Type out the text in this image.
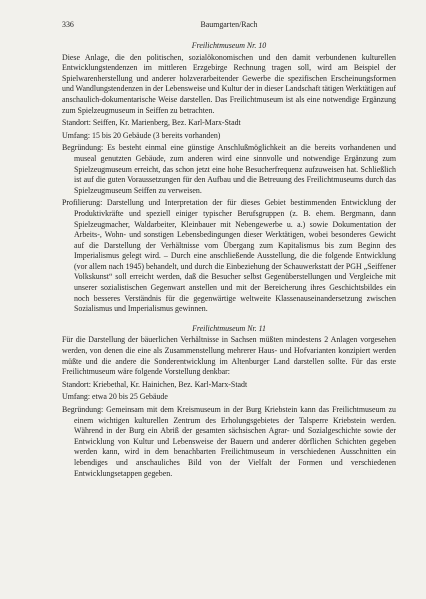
336	Baumgarten/Rach
Freilichtmuseum Nr. 10

Diese Anlage, die den politischen, sozialökonomischen und den damit verbundenen kulturellen Entwicklungstendenzen im mittleren Erzgebirge Rechnung tragen soll, wird am Beispiel der Spielwarenherstellung und anderer holzverarbeitender Gewerbe die spezifischen Erscheinungsformen und Wandlungstendenzen in der Lebensweise und Kultur der in dieser Landschaft tätigen Werktätigen auf anschaulich-dokumentarische Weise darstellen. Das Freilichtmuseum ist als eine notwendige Ergänzung zum Spielzeugmuseum in Seiffen zu betrachten.

Standort: Seiffen, Kr. Marienberg, Bez. Karl-Marx-Stadt

Umfang: 15 bis 20 Gebäude (3 bereits vorhanden)

Begründung: Es besteht einmal eine günstige Anschlußmöglichkeit an die bereits vorhandenen und museal genutzten Gebäude, zum anderen wird eine sinnvolle und notwendige Ergänzung zum Spielzeugmuseum erreicht, das schon jetzt eine hohe Besucherfrequenz aufzuweisen hat. Schließlich ist auf die guten Voraussetzungen für den Aufbau und die Betreuung des Freilichtmuseums durch das Spielzeugmuseum Seiffen zu verweisen.

Profilierung: Darstellung und Interpretation der für dieses Gebiet bestimmenden Entwicklung der Produktivkräfte und speziell einiger typischer Berufsgruppen (z. B. ehem. Bergmann, dann Spielzeugmacher, Waldarbeiter, Kleinbauer mit Nebengewerbe u. a.) sowie Dokumentation der Arbeits-, Wohn- und sonstigen Lebensbedingungen dieser Werktätigen, wobei besonderes Gewicht auf die Darstellung der Verhältnisse vom Übergang zum Kapitalismus bis zum Beginn des Imperialismus gelegt wird. – Durch eine anschließende Ausstellung, die die folgende Entwicklung (vor allem nach 1945) behandelt, und durch die Einbeziehung der Schauwerkstatt der PGH „Seiffener Volkskunst“ soll erreicht werden, daß die Besucher selbst Gegenüberstellungen und Vergleiche mit unserer sozialistischen Gegenwart anstellen und mit der Bereicherung ihres Geschichtsbildes ein noch besseres Verständnis für die gegenwärtige weltweite Klassenauseinandersetzung zwischen Sozialismus und Imperialismus gewinnen.

Freilichtmuseum Nr. 11

Für die Darstellung der bäuerlichen Verhältnisse in Sachsen müßten mindestens 2 Anlagen vorgesehen werden, von denen die eine als Zusammenstellung mehrerer Haus- und Hofvarianten konzipiert werden müßte und die andere die Sonderentwicklung im Altenburger Land darstellen sollte. Für das erste Freilichtmuseum wäre folgende Vorstellung denkbar:

Standort: Kriebethal, Kr. Hainichen, Bez. Karl-Marx-Stadt

Umfang: etwa 20 bis 25 Gebäude

Begründung: Gemeinsam mit dem Kreismuseum in der Burg Kriebstein kann das Freilichtmuseum zu einem wichtigen kulturellen Zentrum des Erholungsgebietes der Talsperre Kriebstein werden. Während in der Burg ein Abriß der gesamten sächsischen Agrar- und Sozialgeschichte sowie der Entwicklung von Kultur und Lebensweise der Bauern und anderer dörflichen Schichten gegeben werden kann, wird in dem benachbarten Freilichtmuseum in verschiedenen Ausschnitten ein lebendiges und anschauliches Bild von der Vielfalt der Formen und verschiedenen Entwicklungsetappen gegeben.
